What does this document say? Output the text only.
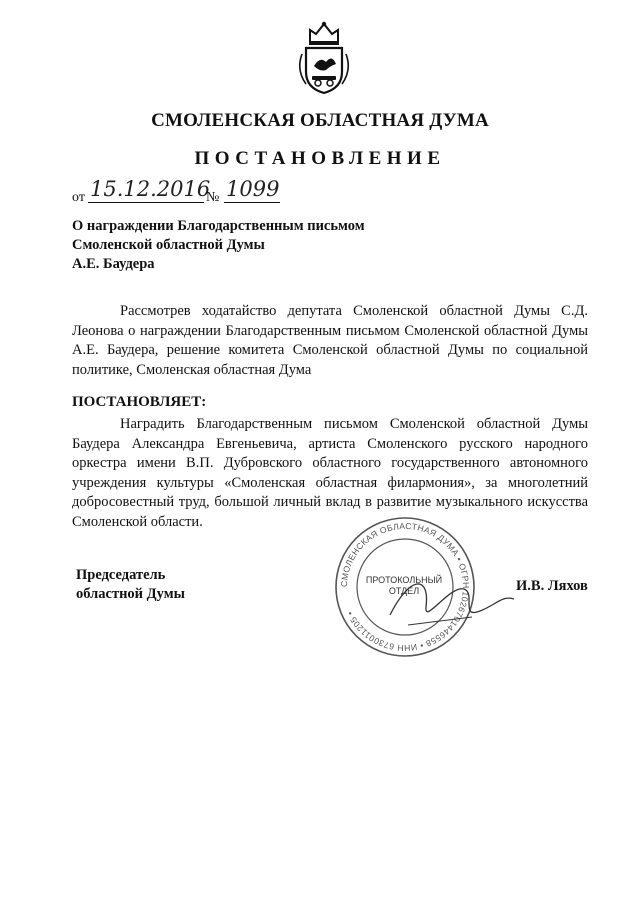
СМОЛЕНСКАЯ ОБЛАСТНАЯ ДУМА
ПОСТАНОВЛЕНИЕ
от 15.12.2016
№ 1099
О награждении Благодарственным письмом
Смоленской областной Думы
А.Е. Баудера
Рассмотрев ходатайство депутата Смоленской областной Думы С.Д. Леонова о награждении Благодарственным письмом Смоленской областной Думы А.Е. Баудера, решение комитета Смоленской областной Думы по социальной политике, Смоленская областная Дума
ПОСТАНОВЛЯЕТ:
Наградить Благодарственным письмом Смоленской областной Думы Баудера Александра Евгеньевича, артиста Смоленского русского народного оркестра имени В.П. Дубровского областного государственного автономного учреждения культуры «Смоленская областная филармония», за многолетний добросовестный труд, большой личный вклад в развитие музыкального искусства Смоленской области.
Председатель
областной Думы
СМОЛЕНСКАЯ ОБЛАСТНАЯ ДУМА • ОГРН 1026701446558 • ИНН 6730011205 •
ПРОТОКОЛЬНЫЙ
ОТДЕЛ	И.В. Ляхов
